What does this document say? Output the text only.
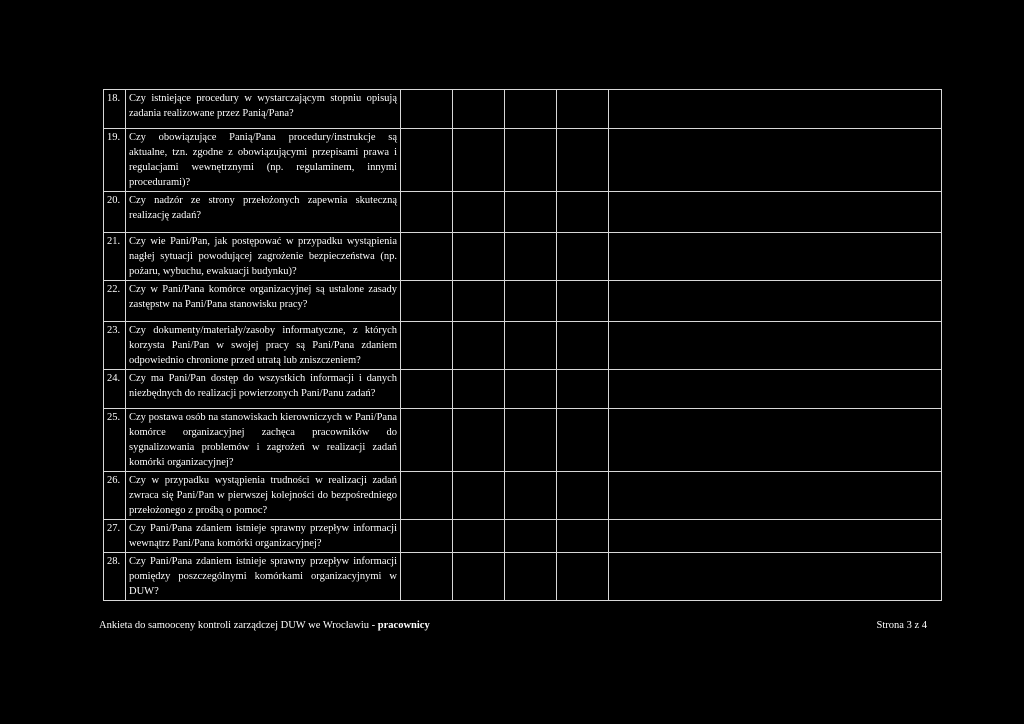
18.	Czy istniejące procedury w wystarczającym stopniu opisują zadania realizowane przez Panią/Pana?					
19.	Czy obowiązujące Panią/Pana procedury/instrukcje są aktualne, tzn. zgodne z obowiązującymi przepisami prawa i regulacjami wewnętrznymi (np. regulaminem, innymi procedurami)?					
20.	Czy nadzór ze strony przełożonych zapewnia skuteczną realizację zadań?					
21.	Czy wie Pani/Pan, jak postępować w przypadku wystąpienia nagłej sytuacji powodującej zagrożenie bezpieczeństwa (np. pożaru, wybuchu, ewakuacji budynku)?					
22.	Czy w Pani/Pana komórce organizacyjnej są ustalone zasady zastępstw na Pani/Pana stanowisku pracy?					
23.	Czy dokumenty/materiały/zasoby informatyczne, z których korzysta Pani/Pan w swojej pracy są Pani/Pana zdaniem odpowiednio chronione przed utratą lub zniszczeniem?					
24.	Czy ma Pani/Pan dostęp do wszystkich informacji i danych niezbędnych do realizacji powierzonych Pani/Panu zadań?					
25.	Czy postawa osób na stanowiskach kierowniczych w Pani/Pana komórce organizacyjnej zachęca pracowników do sygnalizowania problemów i zagrożeń w realizacji zadań komórki organizacyjnej?					
26.	Czy w przypadku wystąpienia trudności w realizacji zadań zwraca się Pani/Pan w pierwszej kolejności do bezpośredniego przełożonego z prośbą o pomoc?					
27.	Czy Pani/Pana zdaniem istnieje sprawny przepływ informacji wewnątrz Pani/Pana komórki organizacyjnej?					
28.	Czy Pani/Pana zdaniem istnieje sprawny przepływ informacji pomiędzy poszczególnymi komórkami organizacyjnymi w DUW?					
Ankieta do samooceny kontroli zarządczej DUW we Wrocławiu - pracownicy	Strona 3 z 4
